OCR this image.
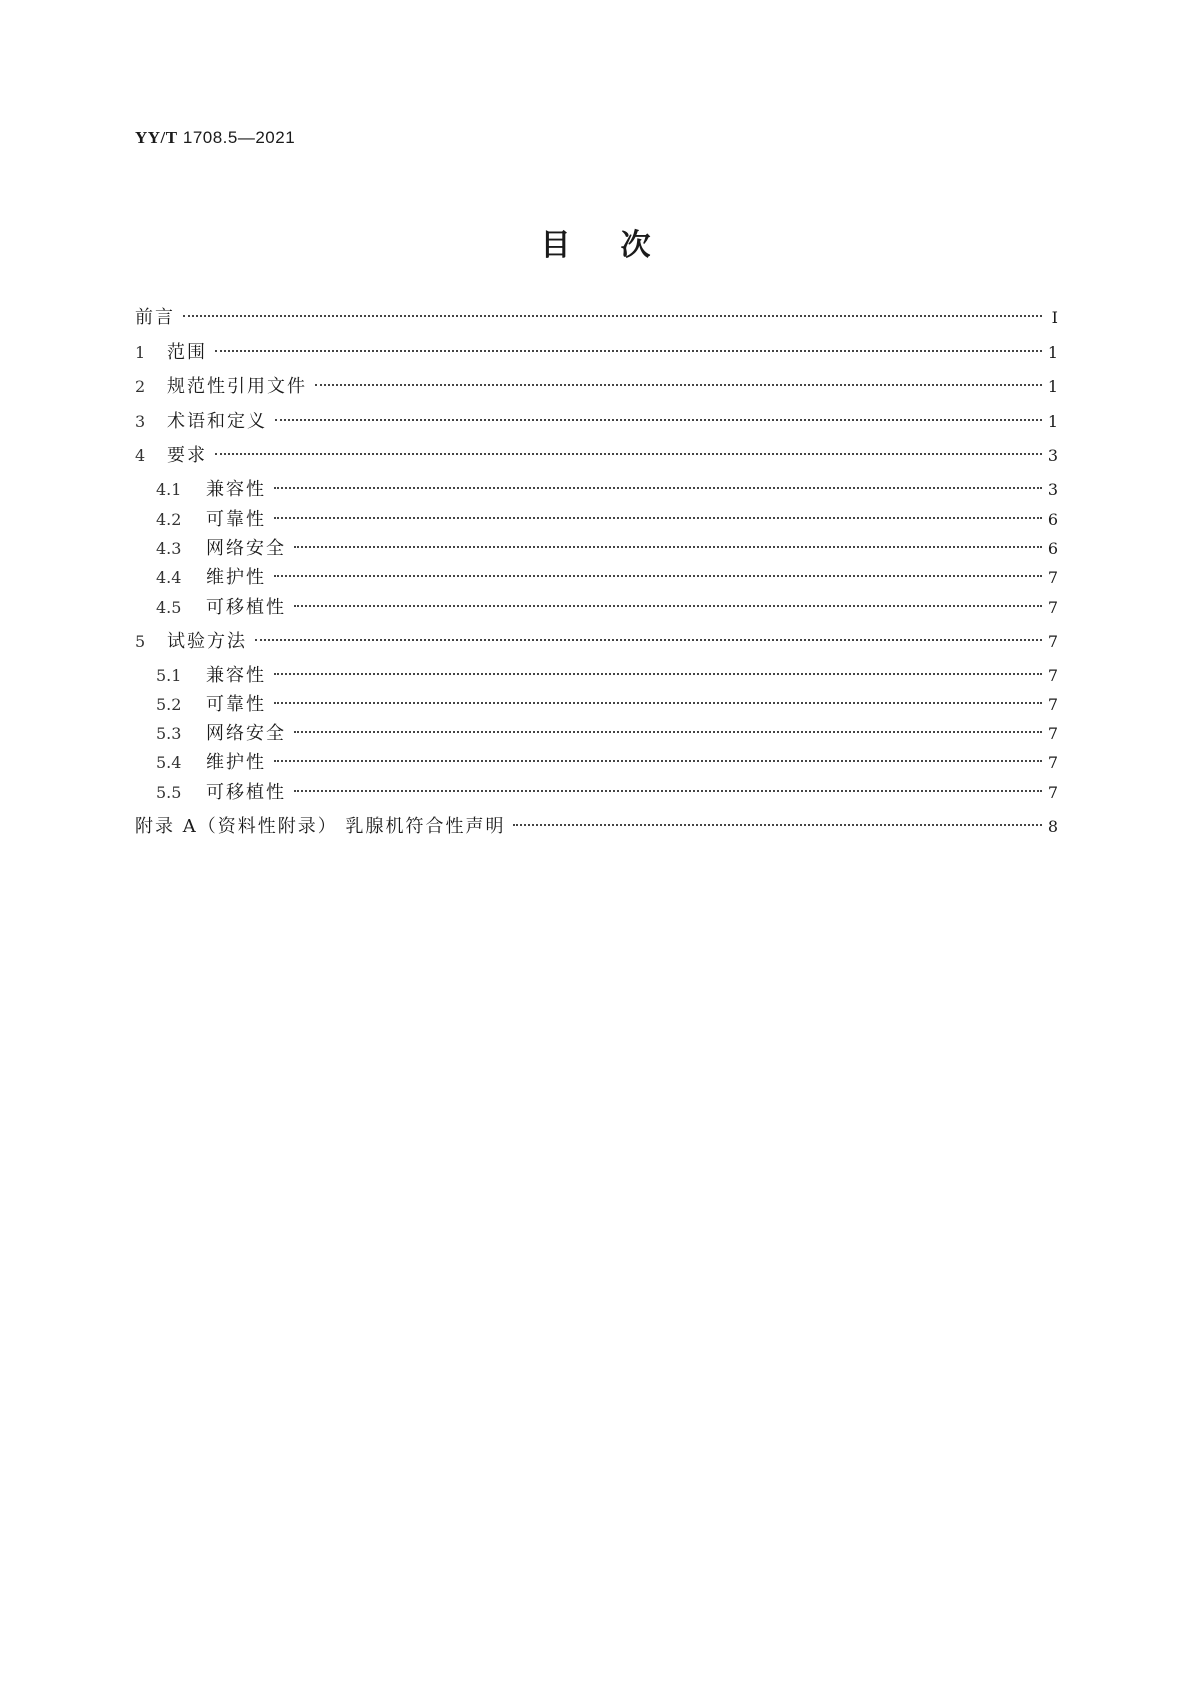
YY/T 1708.5—2021
目次
前言	Ⅰ
1	范围	1
2	规范性引用文件	1
3	术语和定义	1
4	要求	3
4.1	兼容性	3
4.2	可靠性	6
4.3	网络安全	6
4.4	维护性	7
4.5	可移植性	7
5	试验方法	7
5.1	兼容性	7
5.2	可靠性	7
5.3	网络安全	7
5.4	维护性	7
5.5	可移植性	7
附录 A（资料性附录） 乳腺机符合性声明	8
